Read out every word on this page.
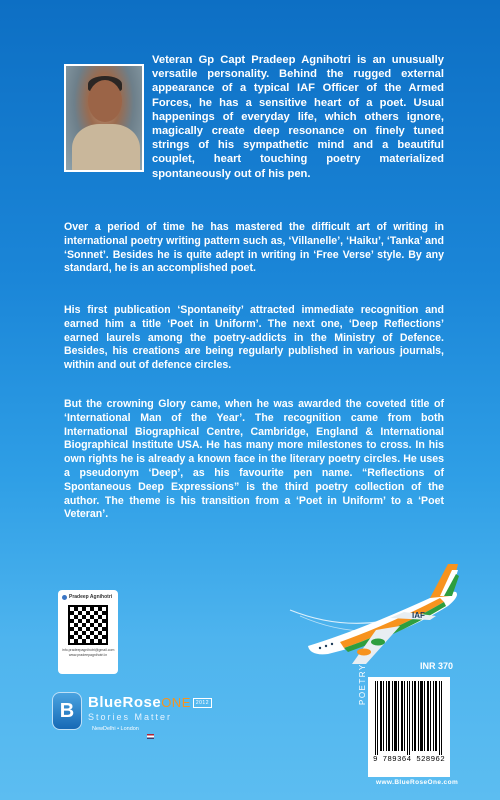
Veteran Gp Capt Pradeep Agnihotri is an unusually versatile personality. Behind the rugged external appearance of a typical IAF Officer of the Armed Forces, he has a sensitive heart of a poet. Usual happenings of everyday life, which others ignore, magically create deep resonance on finely tuned strings of his sympathetic mind and a beautiful couplet, heart touching poetry materialized spontaneously out of his pen.
Over a period of time he has mastered the difficult art of writing in international poetry writing pattern such as, ‘Villanelle’, ‘Haiku’, ‘Tanka’ and ‘Sonnet’. Besides he is quite adept in writing in ‘Free Verse’ style. By any standard, he is an accomplished poet.
His first publication ‘Spontaneity’ attracted immediate recognition and earned him a title ‘Poet in Uniform’. The next one, ‘Deep Reflections’ earned laurels among the poetry-addicts in the Ministry of Defence. Besides, his creations are being regularly published in various journals, within and out of defence circles.
But the crowning Glory came, when he was awarded the coveted title of ‘International Man of the Year’. The recognition came from both International Biographical Centre, Cambridge, England & International Biographical Institute USA. He has many more milestones to cross. In his own rights he is already a known face in the literary poetry circles. He uses a pseudonym ‘Deep’, as his favourite pen name. “Reflections of Spontaneous Deep Expressions” is the third poetry collection of the author. The theme is his transition from a ‘Poet in Uniform’ to a ‘Poet Veteran’.
IAF
Pradeep Agnihotri
info.pradeepagnihotri@gmail.com
www.pradeepagnihotri.in
B BlueRoseONE 2012
Stories Matter
NewDelhi • London
INR 370
POETRY
9 789364 528962
www.BlueRoseOne.com
